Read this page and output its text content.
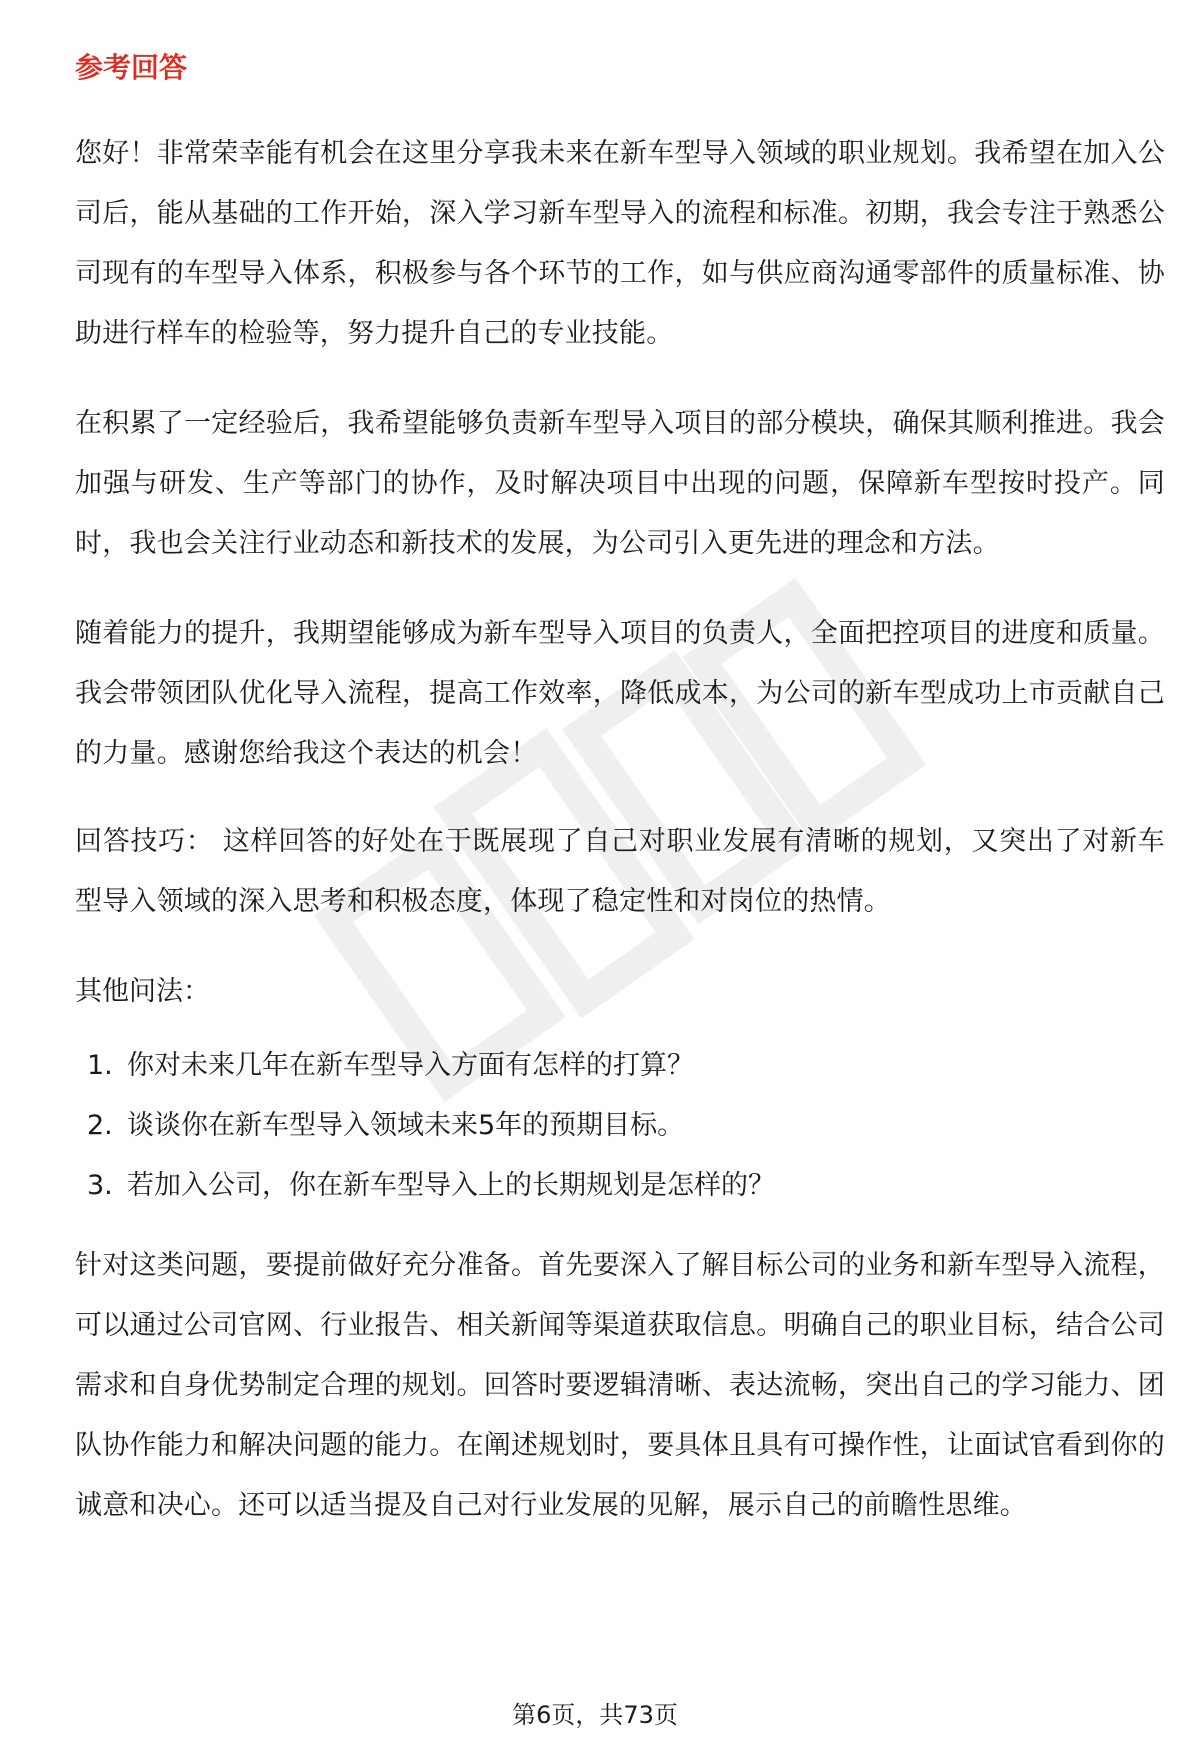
参考回答

您好！非常荣幸能有机会在这里分享我未来在新车型导入领域的职业规划。我希望在加入公司后，能从基础的工作开始，深入学习新车型导入的流程和标准。初期，我会专注于熟悉公司现有的车型导入体系，积极参与各个环节的工作，如与供应商沟通零部件的质量标准、协助进行样车的检验等，努力提升自己的专业技能。

在积累了一定经验后，我希望能够负责新车型导入项目的部分模块，确保其顺利推进。我会加强与研发、生产等部门的协作，及时解决项目中出现的问题，保障新车型按时投产。同时，我也会关注行业动态和新技术的发展，为公司引入更先进的理念和方法。

随着能力的提升，我期望能够成为新车型导入项目的负责人，全面把控项目的进度和质量。我会带领团队优化导入流程，提高工作效率，降低成本，为公司的新车型成功上市贡献自己的力量。感谢您给我这个表达的机会！

回答技巧： 这样回答的好处在于既展现了自己对职业发展有清晰的规划，又突出了对新车型导入领域的深入思考和积极态度，体现了稳定性和对岗位的热情。

其他问法：
1. 你对未来几年在新车型导入方面有怎样的打算？
2. 谈谈你在新车型导入领域未来5年的预期目标。
3. 若加入公司，你在新车型导入上的长期规划是怎样的？

针对这类问题，要提前做好充分准备。首先要深入了解目标公司的业务和新车型导入流程，可以通过公司官网、行业报告、相关新闻等渠道获取信息。明确自己的职业目标，结合公司需求和自身优势制定合理的规划。回答时要逻辑清晰、表达流畅，突出自己的学习能力、团队协作能力和解决问题的能力。在阐述规划时，要具体且具有可操作性，让面试官看到你的诚意和决心。还可以适当提及自己对行业发展的见解，展示自己的前瞻性思维。

第6页，共73页
